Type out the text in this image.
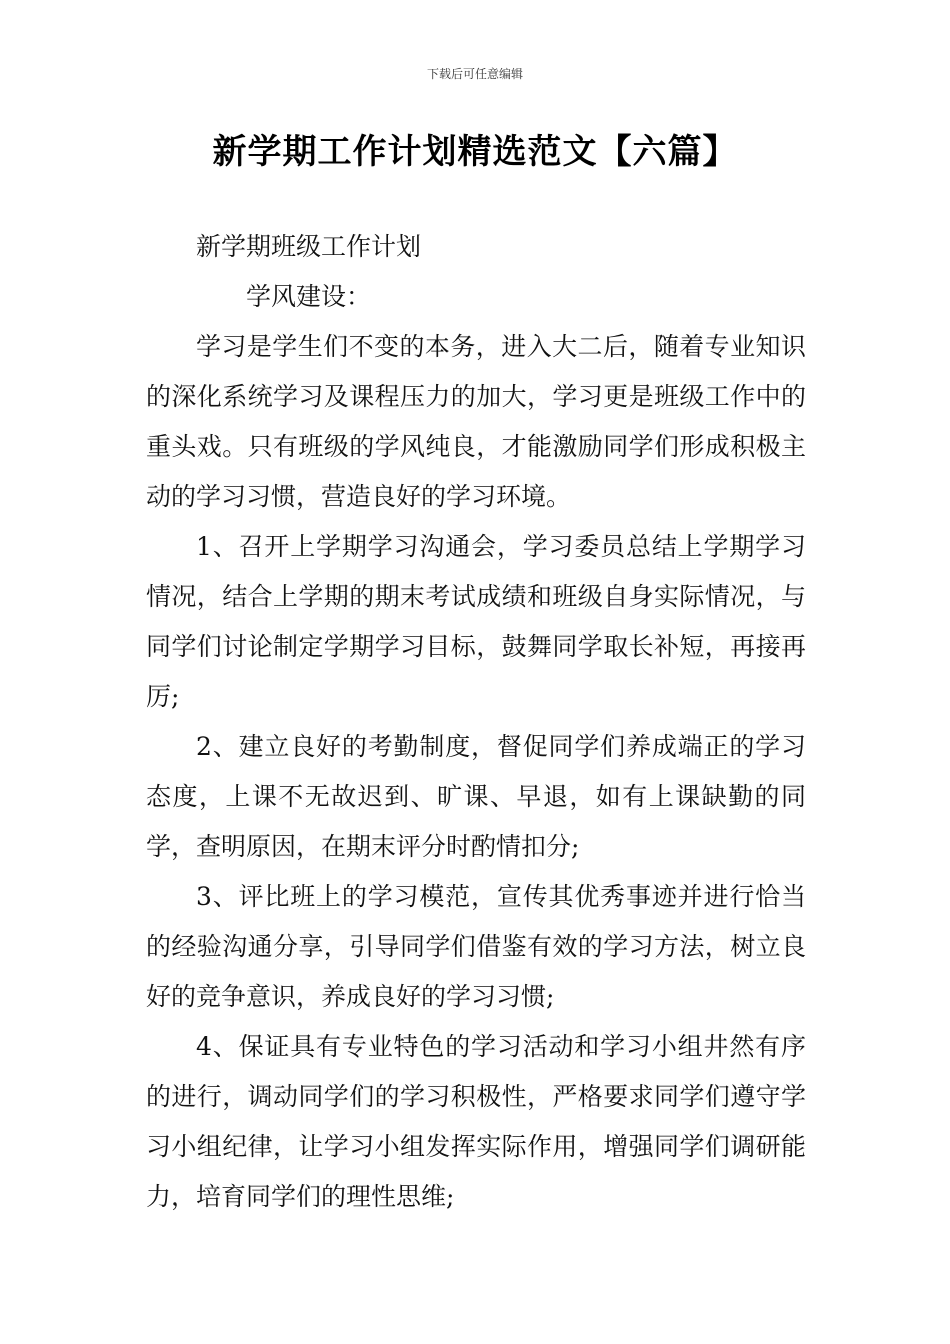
下载后可任意编辑
新学期工作计划精选范文【六篇】

新学期班级工作计划

学风建设：

学习是学生们不变的本务，进入大二后，随着专业知识的深化系统学习及课程压力的加大，学习更是班级工作中的重头戏。只有班级的学风纯良，才能激励同学们形成积极主动的学习习惯，营造良好的学习环境。

1、召开上学期学习沟通会，学习委员总结上学期学习情况，结合上学期的期末考试成绩和班级自身实际情况，与同学们讨论制定学期学习目标，鼓舞同学取长补短，再接再厉;

2、建立良好的考勤制度，督促同学们养成端正的学习态度，上课不无故迟到、旷课、早退，如有上课缺勤的同学，查明原因，在期末评分时酌情扣分;

3、评比班上的学习模范，宣传其优秀事迹并进行恰当的经验沟通分享，引导同学们借鉴有效的学习方法，树立良好的竞争意识，养成良好的学习习惯;

4、保证具有专业特色的学习活动和学习小组井然有序的进行，调动同学们的学习积极性，严格要求同学们遵守学习小组纪律，让学习小组发挥实际作用，增强同学们调研能力，培育同学们的理性思维;
